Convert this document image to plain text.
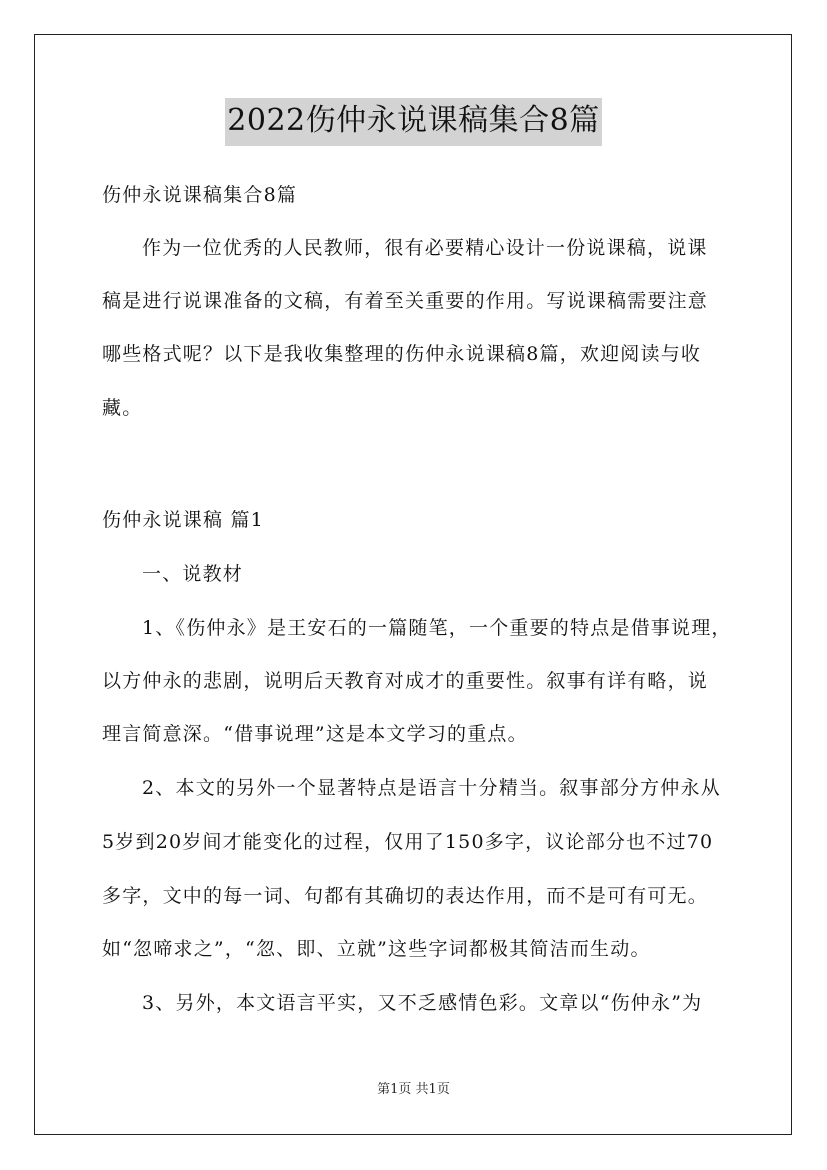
2022伤仲永说课稿集合8篇
伤仲永说课稿集合8篇
作为一位优秀的人民教师，很有必要精心设计一份说课稿，说课
稿是进行说课准备的文稿，有着至关重要的作用。写说课稿需要注意
哪些格式呢？以下是我收集整理的伤仲永说课稿8篇，欢迎阅读与收
藏。
伤仲永说课稿 篇1
一、说教材
1、《伤仲永》是王安石的一篇随笔，一个重要的特点是借事说理，
以方仲永的悲剧，说明后天教育对成才的重要性。叙事有详有略，说
理言简意深。“借事说理”这是本文学习的重点。
2、本文的另外一个显著特点是语言十分精当。叙事部分方仲永从
5岁到20岁间才能变化的过程，仅用了150多字，议论部分也不过70
多字，文中的每一词、句都有其确切的表达作用，而不是可有可无。
如“忽啼求之”，“忽、即、立就”这些字词都极其简洁而生动。
3、另外，本文语言平实，又不乏感情色彩。文章以“伤仲永”为
第1页 共1页
